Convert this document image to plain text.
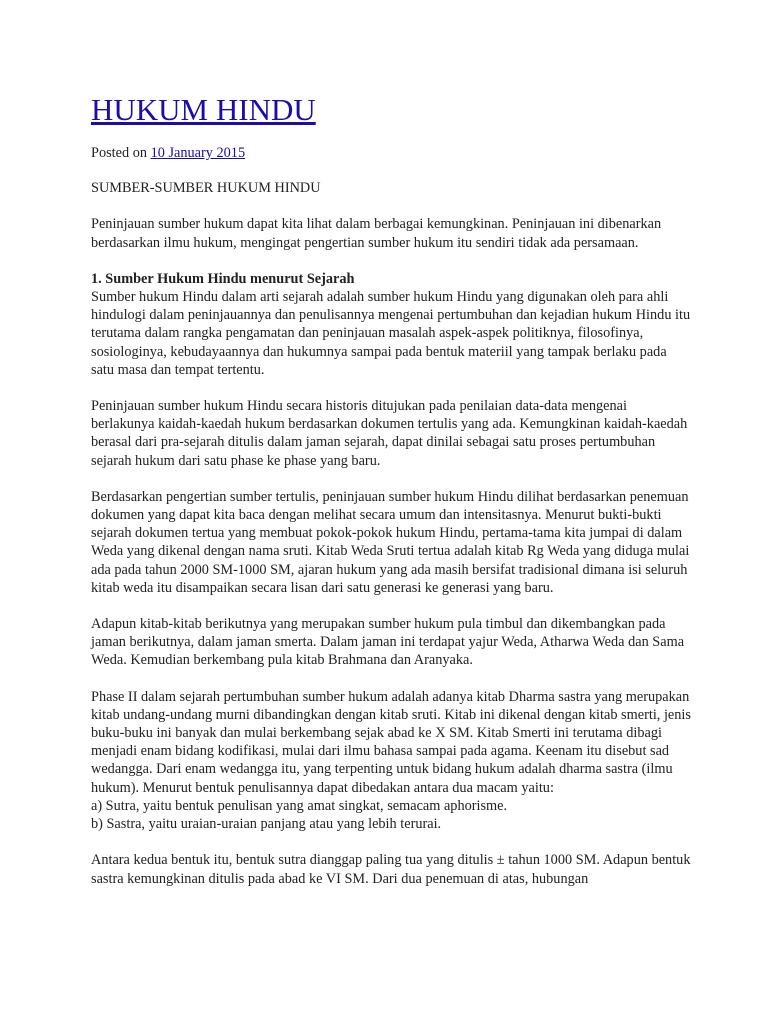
HUKUM HINDU
Posted on 10 January 2015

SUMBER-SUMBER HUKUM HINDU

Peninjauan sumber hukum dapat kita lihat dalam berbagai kemungkinan. Peninjauan ini dibenarkan berdasarkan ilmu hukum, mengingat pengertian sumber hukum itu sendiri tidak ada persamaan.

1. Sumber Hukum Hindu menurut Sejarah

Sumber hukum Hindu dalam arti sejarah adalah sumber hukum Hindu yang digunakan oleh para ahli hindulogi dalam peninjauannya dan penulisannya mengenai pertumbuhan dan kejadian hukum Hindu itu terutama dalam rangka pengamatan dan peninjauan masalah aspek-aspek politiknya, filosofinya, sosiologinya, kebudayaannya dan hukumnya sampai pada bentuk materiil yang tampak berlaku pada satu masa dan tempat tertentu.

Peninjauan sumber hukum Hindu secara historis ditujukan pada penilaian data-data mengenai berlakunya kaidah-kaedah hukum berdasarkan dokumen tertulis yang ada. Kemungkinan kaidah-kaedah berasal dari pra-sejarah ditulis dalam jaman sejarah, dapat dinilai sebagai satu proses pertumbuhan sejarah hukum dari satu phase ke phase yang baru.

Berdasarkan pengertian sumber tertulis, peninjauan sumber hukum Hindu dilihat berdasarkan penemuan dokumen yang dapat kita baca dengan melihat secara umum dan intensitasnya. Menurut bukti-bukti sejarah dokumen tertua yang membuat pokok-pokok hukum Hindu, pertama-tama kita jumpai di dalam Weda yang dikenal dengan nama sruti. Kitab Weda Sruti tertua adalah kitab Rg Weda yang diduga mulai ada pada tahun 2000 SM-1000 SM, ajaran hukum yang ada masih bersifat tradisional dimana isi seluruh kitab weda itu disampaikan secara lisan dari satu generasi ke generasi yang baru.

Adapun kitab-kitab berikutnya yang merupakan sumber hukum pula timbul dan dikembangkan pada jaman berikutnya, dalam jaman smerta. Dalam jaman ini terdapat yajur Weda, Atharwa Weda dan Sama Weda. Kemudian berkembang pula kitab Brahmana dan Aranyaka.

Phase II dalam sejarah pertumbuhan sumber hukum adalah adanya kitab Dharma sastra yang merupakan kitab undang-undang murni dibandingkan dengan kitab sruti. Kitab ini dikenal dengan kitab smerti, jenis buku-buku ini banyak dan mulai berkembang sejak abad ke X SM. Kitab Smerti ini terutama dibagi menjadi enam bidang kodifikasi, mulai dari ilmu bahasa sampai pada agama. Keenam itu disebut sad wedangga. Dari enam wedangga itu, yang terpenting untuk bidang hukum adalah dharma sastra (ilmu hukum). Menurut bentuk penulisannya dapat dibedakan antara dua macam yaitu:

a) Sutra, yaitu bentuk penulisan yang amat singkat, semacam aphorisme.

b) Sastra, yaitu uraian-uraian panjang atau yang lebih terurai.

Antara kedua bentuk itu, bentuk sutra dianggap paling tua yang ditulis ± tahun 1000 SM. Adapun bentuk sastra kemungkinan ditulis pada abad ke VI SM. Dari dua penemuan di atas, hubungan
